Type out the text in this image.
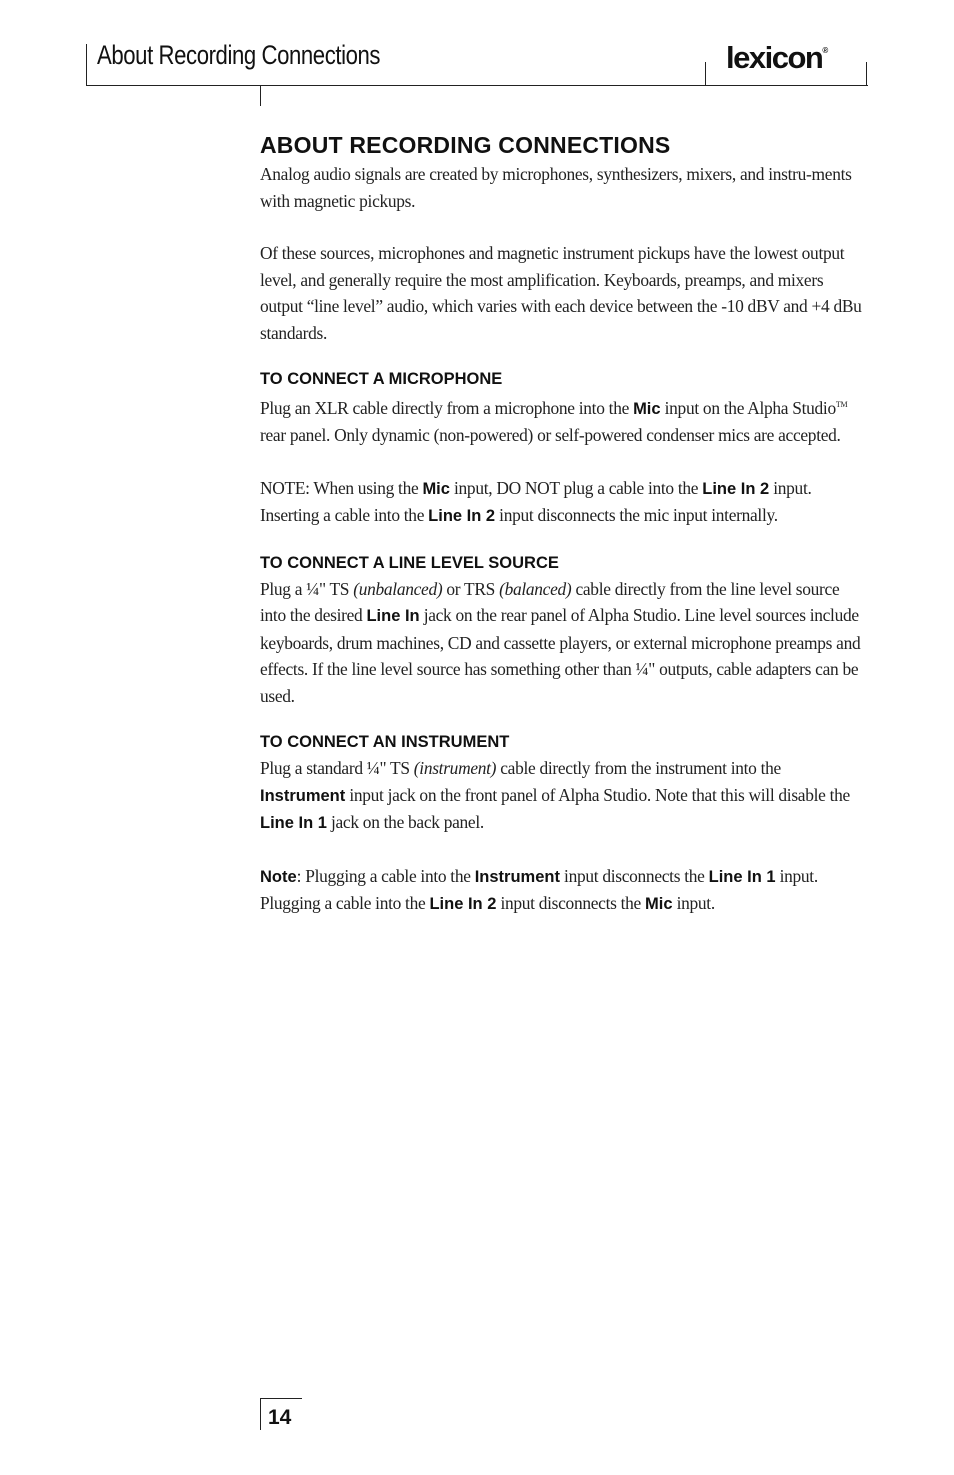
About Recording Connections	lexicon®
ABOUT RECORDING CONNECTIONS

Analog audio signals are created by microphones, synthesizers, mixers, and instru-ments with magnetic pickups.

Of these sources, microphones and magnetic instrument pickups have the lowest output level, and generally require the most amplification. Keyboards, preamps, and mixers output “line level” audio, which varies with each device between the -10 dBV and +4 dBu standards.

TO CONNECT A MICROPHONE

Plug an XLR cable directly from a microphone into the Mic input on the Alpha Studio™ rear panel. Only dynamic (non-powered) or self-powered condenser mics are accepted.

NOTE: When using the Mic input, DO NOT plug a cable into the Line In 2 input. Inserting a cable into the Line In 2 input disconnects the mic input internally.

TO CONNECT A LINE LEVEL SOURCE

Plug a ¼" TS (unbalanced) or TRS (balanced) cable directly from the line level source into the desired Line In jack on the rear panel of Alpha Studio. Line level sources include keyboards, drum machines, CD and cassette players, or external microphone preamps and effects. If the line level source has something other than ¼" outputs, cable adapters can be used.

TO CONNECT AN INSTRUMENT

Plug a standard ¼" TS (instrument) cable directly from the instrument into the Instrument input jack on the front panel of Alpha Studio. Note that this will disable the Line In 1 jack on the back panel.

Note: Plugging a cable into the Instrument input disconnects the Line In 1 input. Plugging a cable into the Line In 2 input disconnects the Mic input.

14
